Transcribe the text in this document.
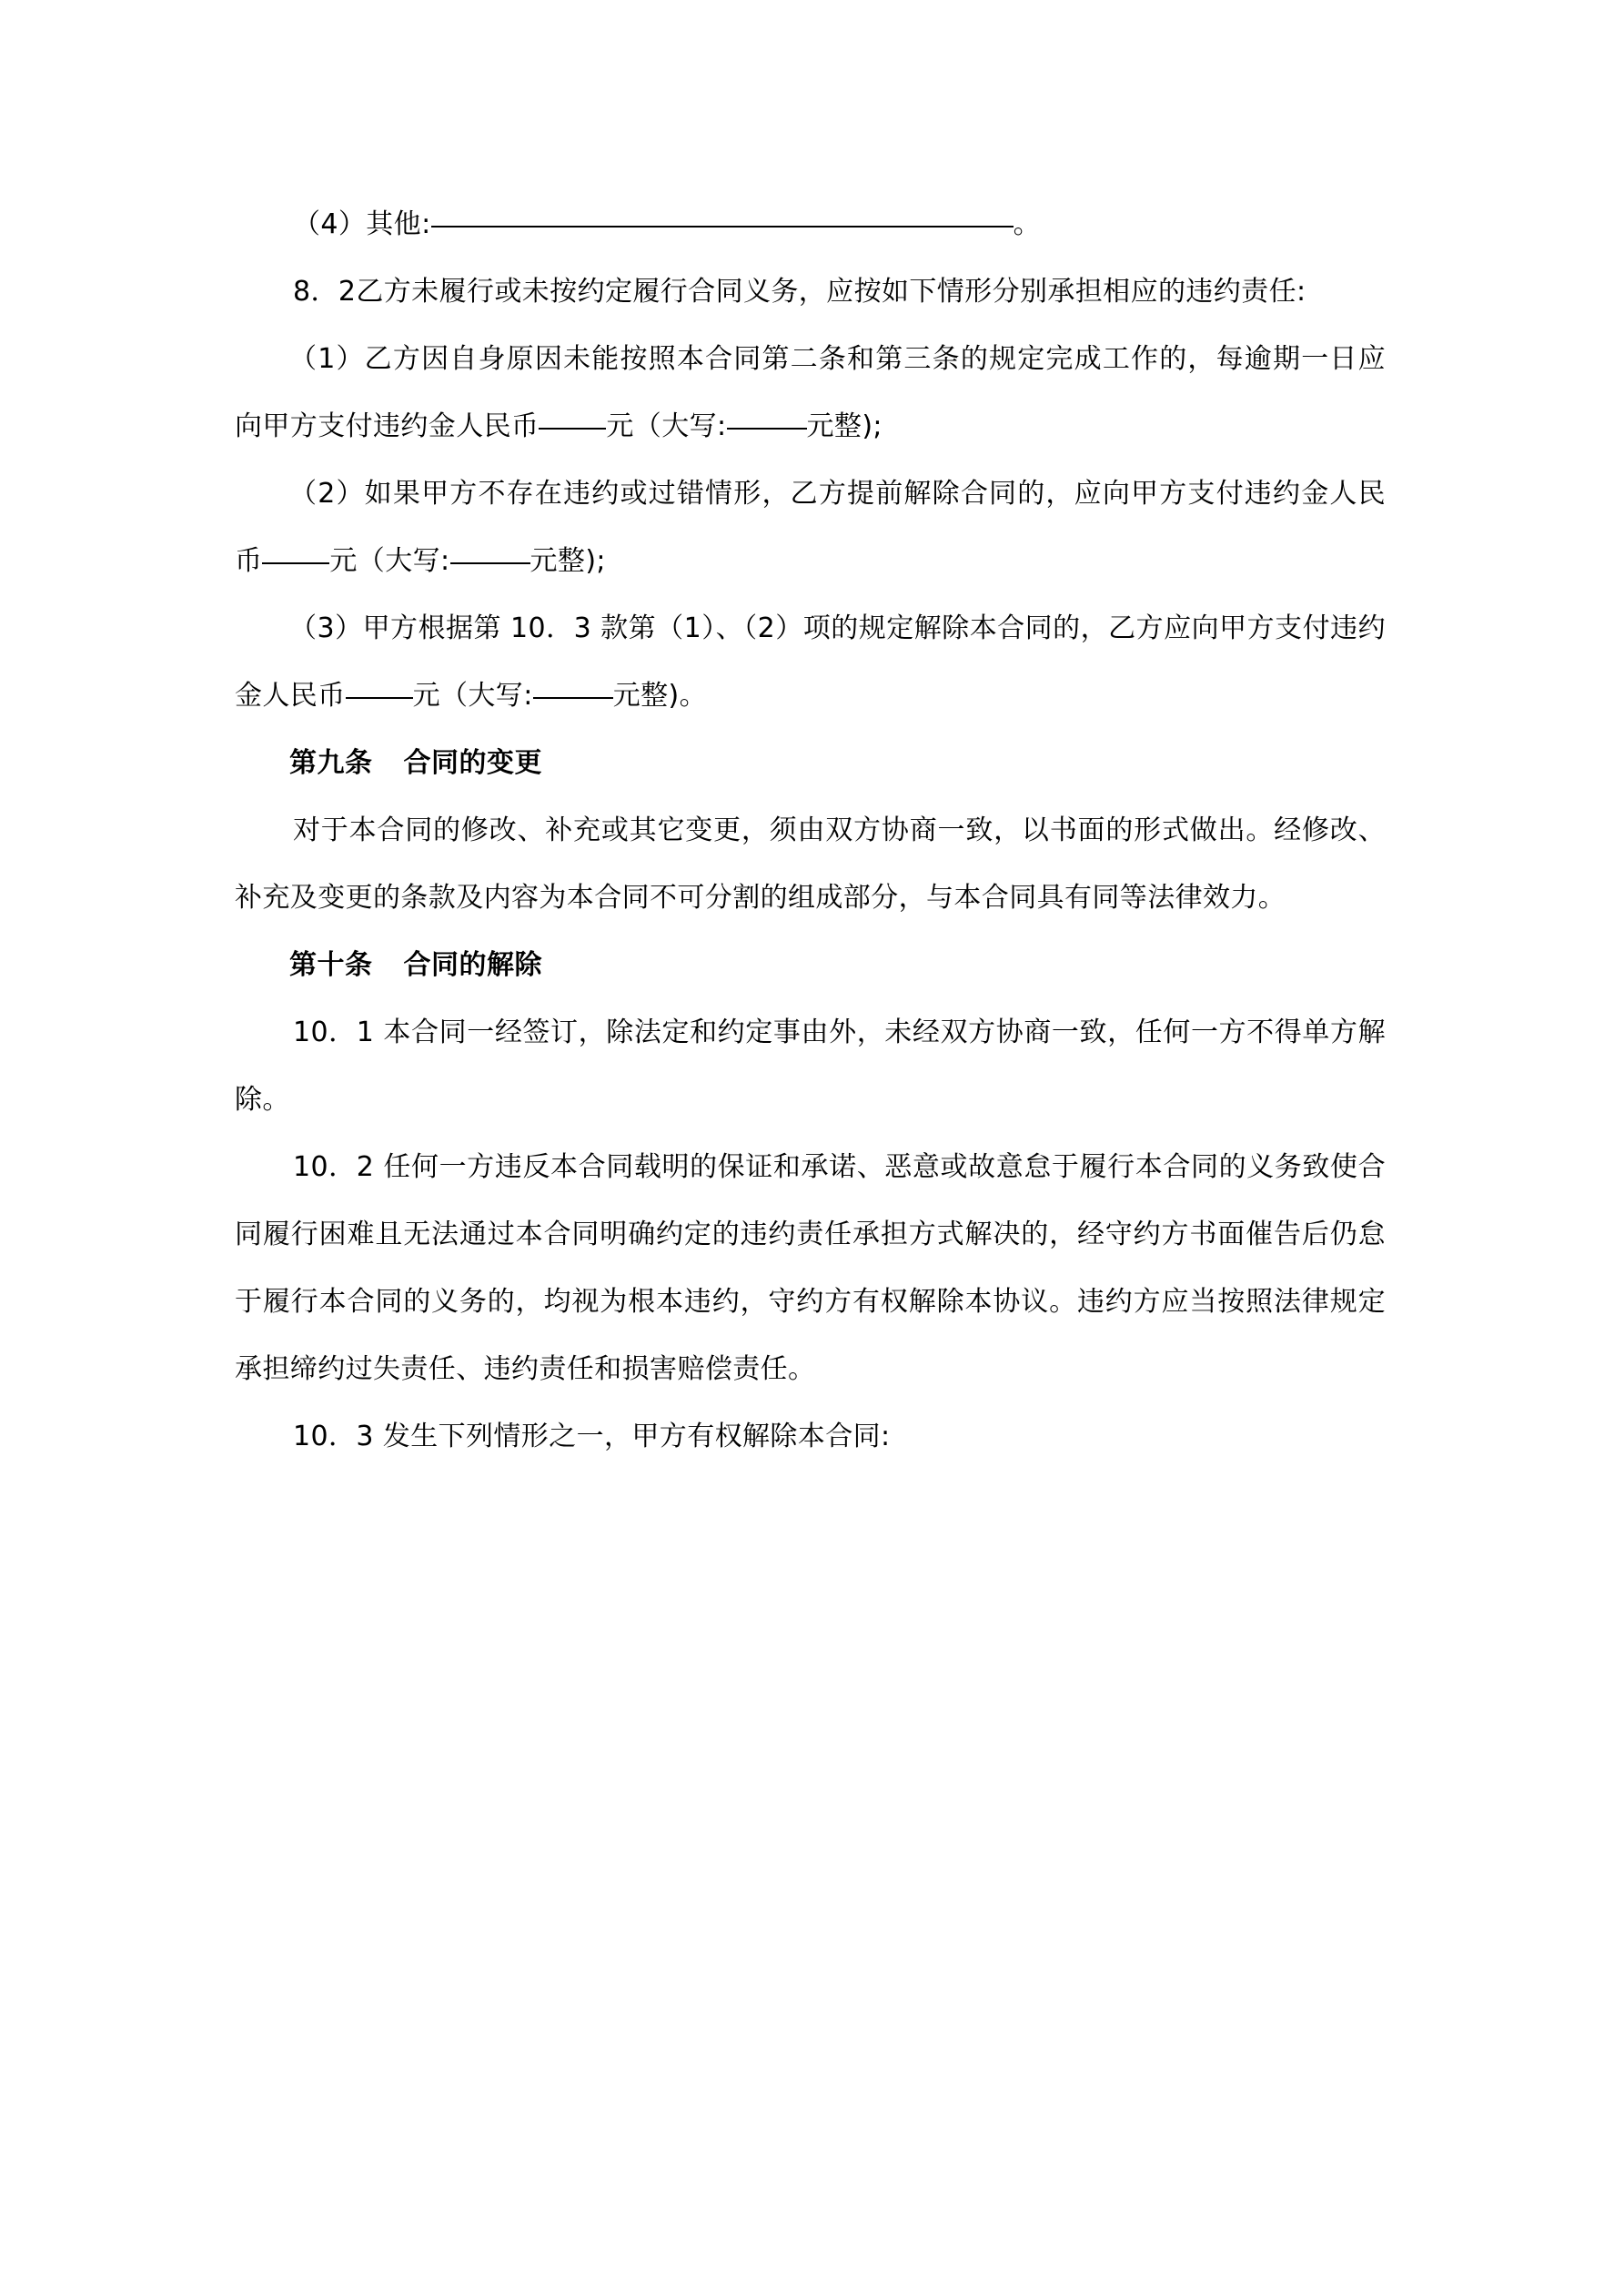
（4）其他:	。

8．2乙方未履行或未按约定履行合同义务，应按如下情形分别承担相应的违约责任:

（1）乙方因自身原因未能按照本合同第二条和第三条的规定完成工作的，每逾期一日应向甲方支付违约金人民币 元（大写:	元整);

（2）如果甲方不存在违约或过错情形，乙方提前解除合同的，应向甲方支付违约金人民币 元（大写:	元整);

（3）甲方根据第 10．3 款第（1）、（2）项的规定解除本合同的，乙方应向甲方支付违约金人民币 元（大写:	元整)。

第九条 合同的变更

对于本合同的修改、补充或其它变更，须由双方协商一致，以书面的形式做出。经修改、补充及变更的条款及内容为本合同不可分割的组成部分，与本合同具有同等法律效力。

第十条 合同的解除

10．1 本合同一经签订，除法定和约定事由外，未经双方协商一致，任何一方不得单方解除。

10．2 任何一方违反本合同载明的保证和承诺、恶意或故意怠于履行本合同的义务致使合同履行困难且无法通过本合同明确约定的违约责任承担方式解决的，经守约方书面催告后仍怠于履行本合同的义务的，均视为根本违约，守约方有权解除本协议。违约方应当按照法律规定承担缔约过失责任、违约责任和损害赔偿责任。

10．3 发生下列情形之一，甲方有权解除本合同:
